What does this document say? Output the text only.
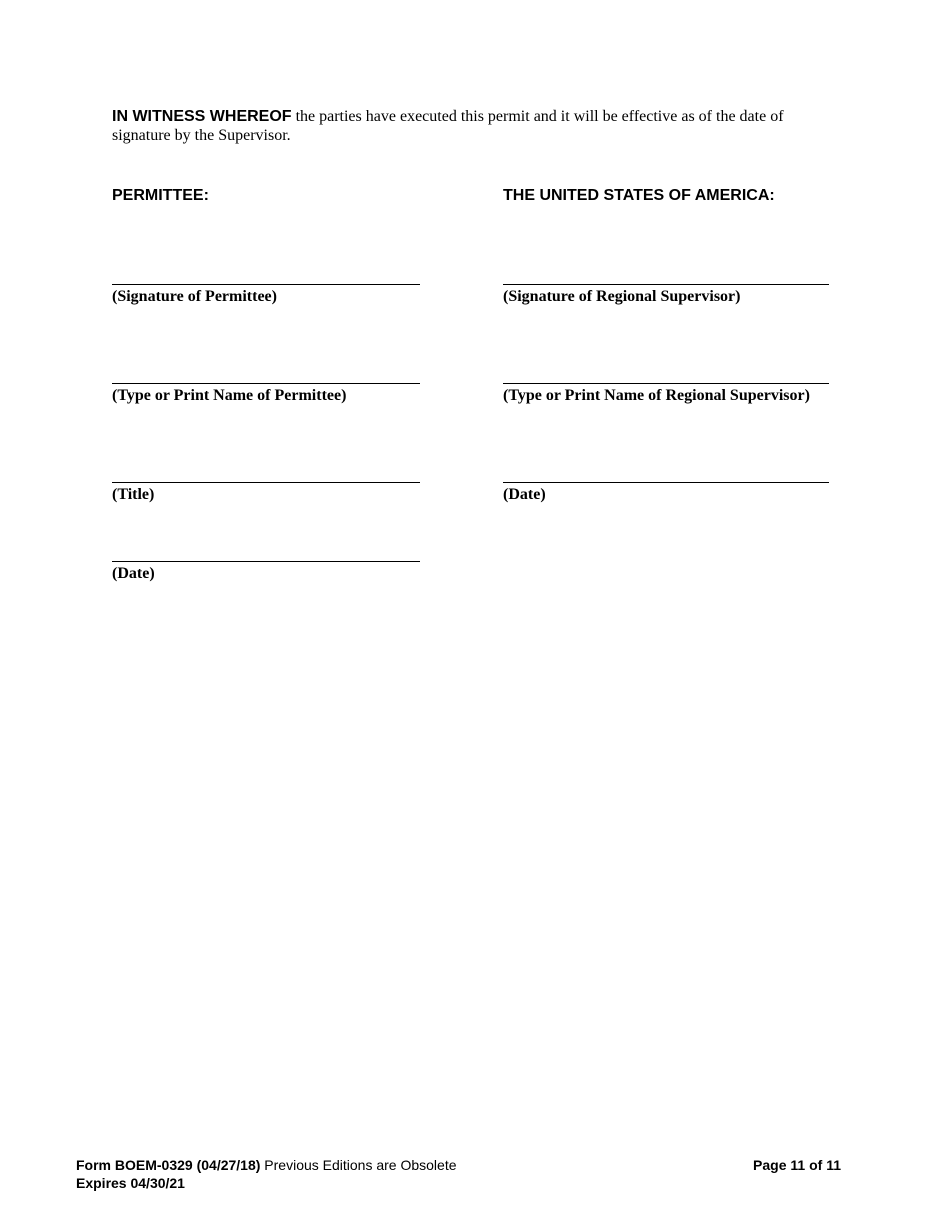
IN WITNESS WHEREOF the parties have executed this permit and it will be effective as of the date of signature by the Supervisor.
PERMITTEE:	THE UNITED STATES OF AMERICA:
(Signature of Permittee)
(Type or Print Name of Permittee)
(Title)
(Date)
(Signature of Regional Supervisor)
(Type or Print Name of Regional Supervisor)
(Date)
Form BOEM-0329 (04/27/18) Previous Editions are Obsolete
Expires 04/30/21
Page 11 of 11
